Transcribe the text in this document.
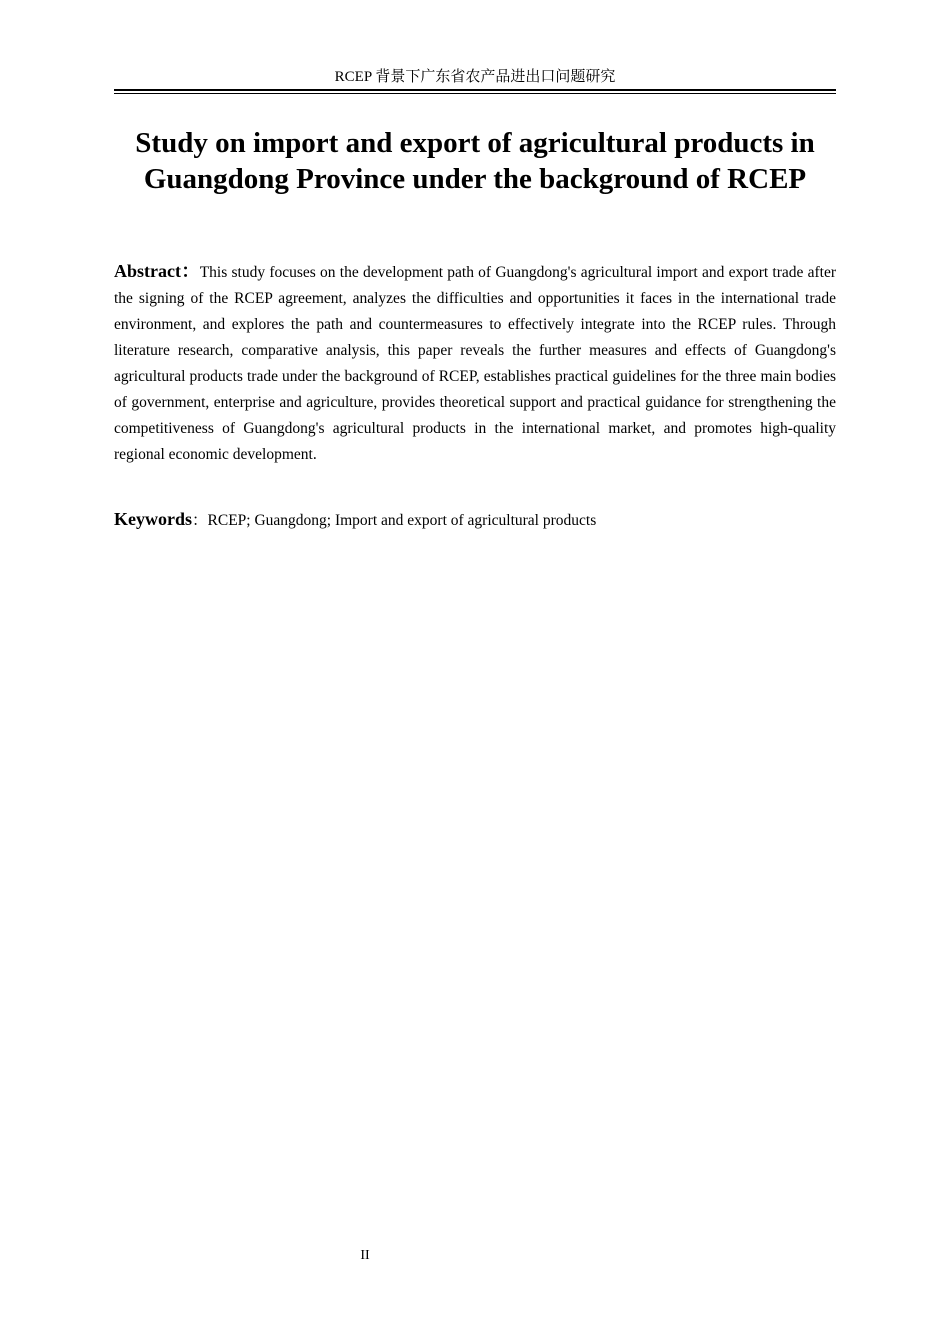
RCEP 背景下广东省农产品进出口问题研究
Study on import and export of agricultural products in Guangdong Province under the background of RCEP

Abstract：This study focuses on the development path of Guangdong's agricultural import and export trade after the signing of the RCEP agreement, analyzes the difficulties and opportunities it faces in the international trade environment, and explores the path and countermeasures to effectively integrate into the RCEP rules. Through literature research, comparative analysis, this paper reveals the further measures and effects of Guangdong's agricultural products trade under the background of RCEP, establishes practical guidelines for the three main bodies of government, enterprise and agriculture, provides theoretical support and practical guidance for strengthening the competitiveness of Guangdong's agricultural products in the international market, and promotes high-quality regional economic development.

Keywords：RCEP; Guangdong; Import and export of agricultural products

II
